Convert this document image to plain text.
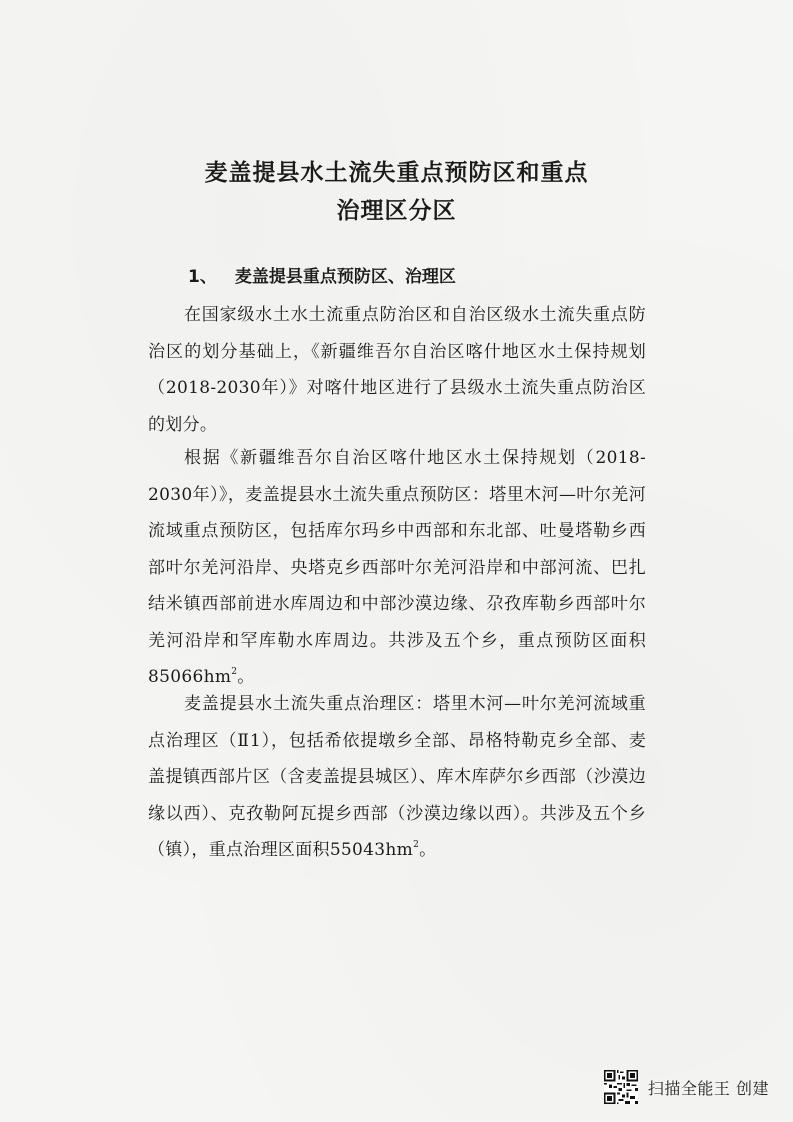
麦盖提县水土流失重点预防区和重点
治理区分区
1、 麦盖提县重点预防区、治理区
在国家级水土水土流重点防治区和自治区级水土流失重点防治区的划分基础上，《新疆维吾尔自治区喀什地区水土保持规划（2018-2030年）》对喀什地区进行了县级水土流失重点防治区的划分。
根据《新疆维吾尔自治区喀什地区水土保持规划（2018-2030年）》，麦盖提县水土流失重点预防区：塔里木河—叶尔羌河流域重点预防区，包括库尔玛乡中西部和东北部、吐曼塔勒乡西部叶尔羌河沿岸、央塔克乡西部叶尔羌河沿岸和中部河流、巴扎结米镇西部前进水库周边和中部沙漠边缘、尕孜库勒乡西部叶尔羌河沿岸和罕库勒水库周边。共涉及五个乡，重点预防区面积$85066hm^2$。
麦盖提县水土流失重点治理区：塔里木河—叶尔羌河流域重点治理区（Ⅱ1），包括希依提墩乡全部、昂格特勒克乡全部、麦盖提镇西部片区（含麦盖提县城区）、库木库萨尔乡西部（沙漠边缘以西）、克孜勒阿瓦提乡西部（沙漠边缘以西）。共涉及五个乡（镇），重点治理区面积$55043hm^2$。
扫描全能王 创建
